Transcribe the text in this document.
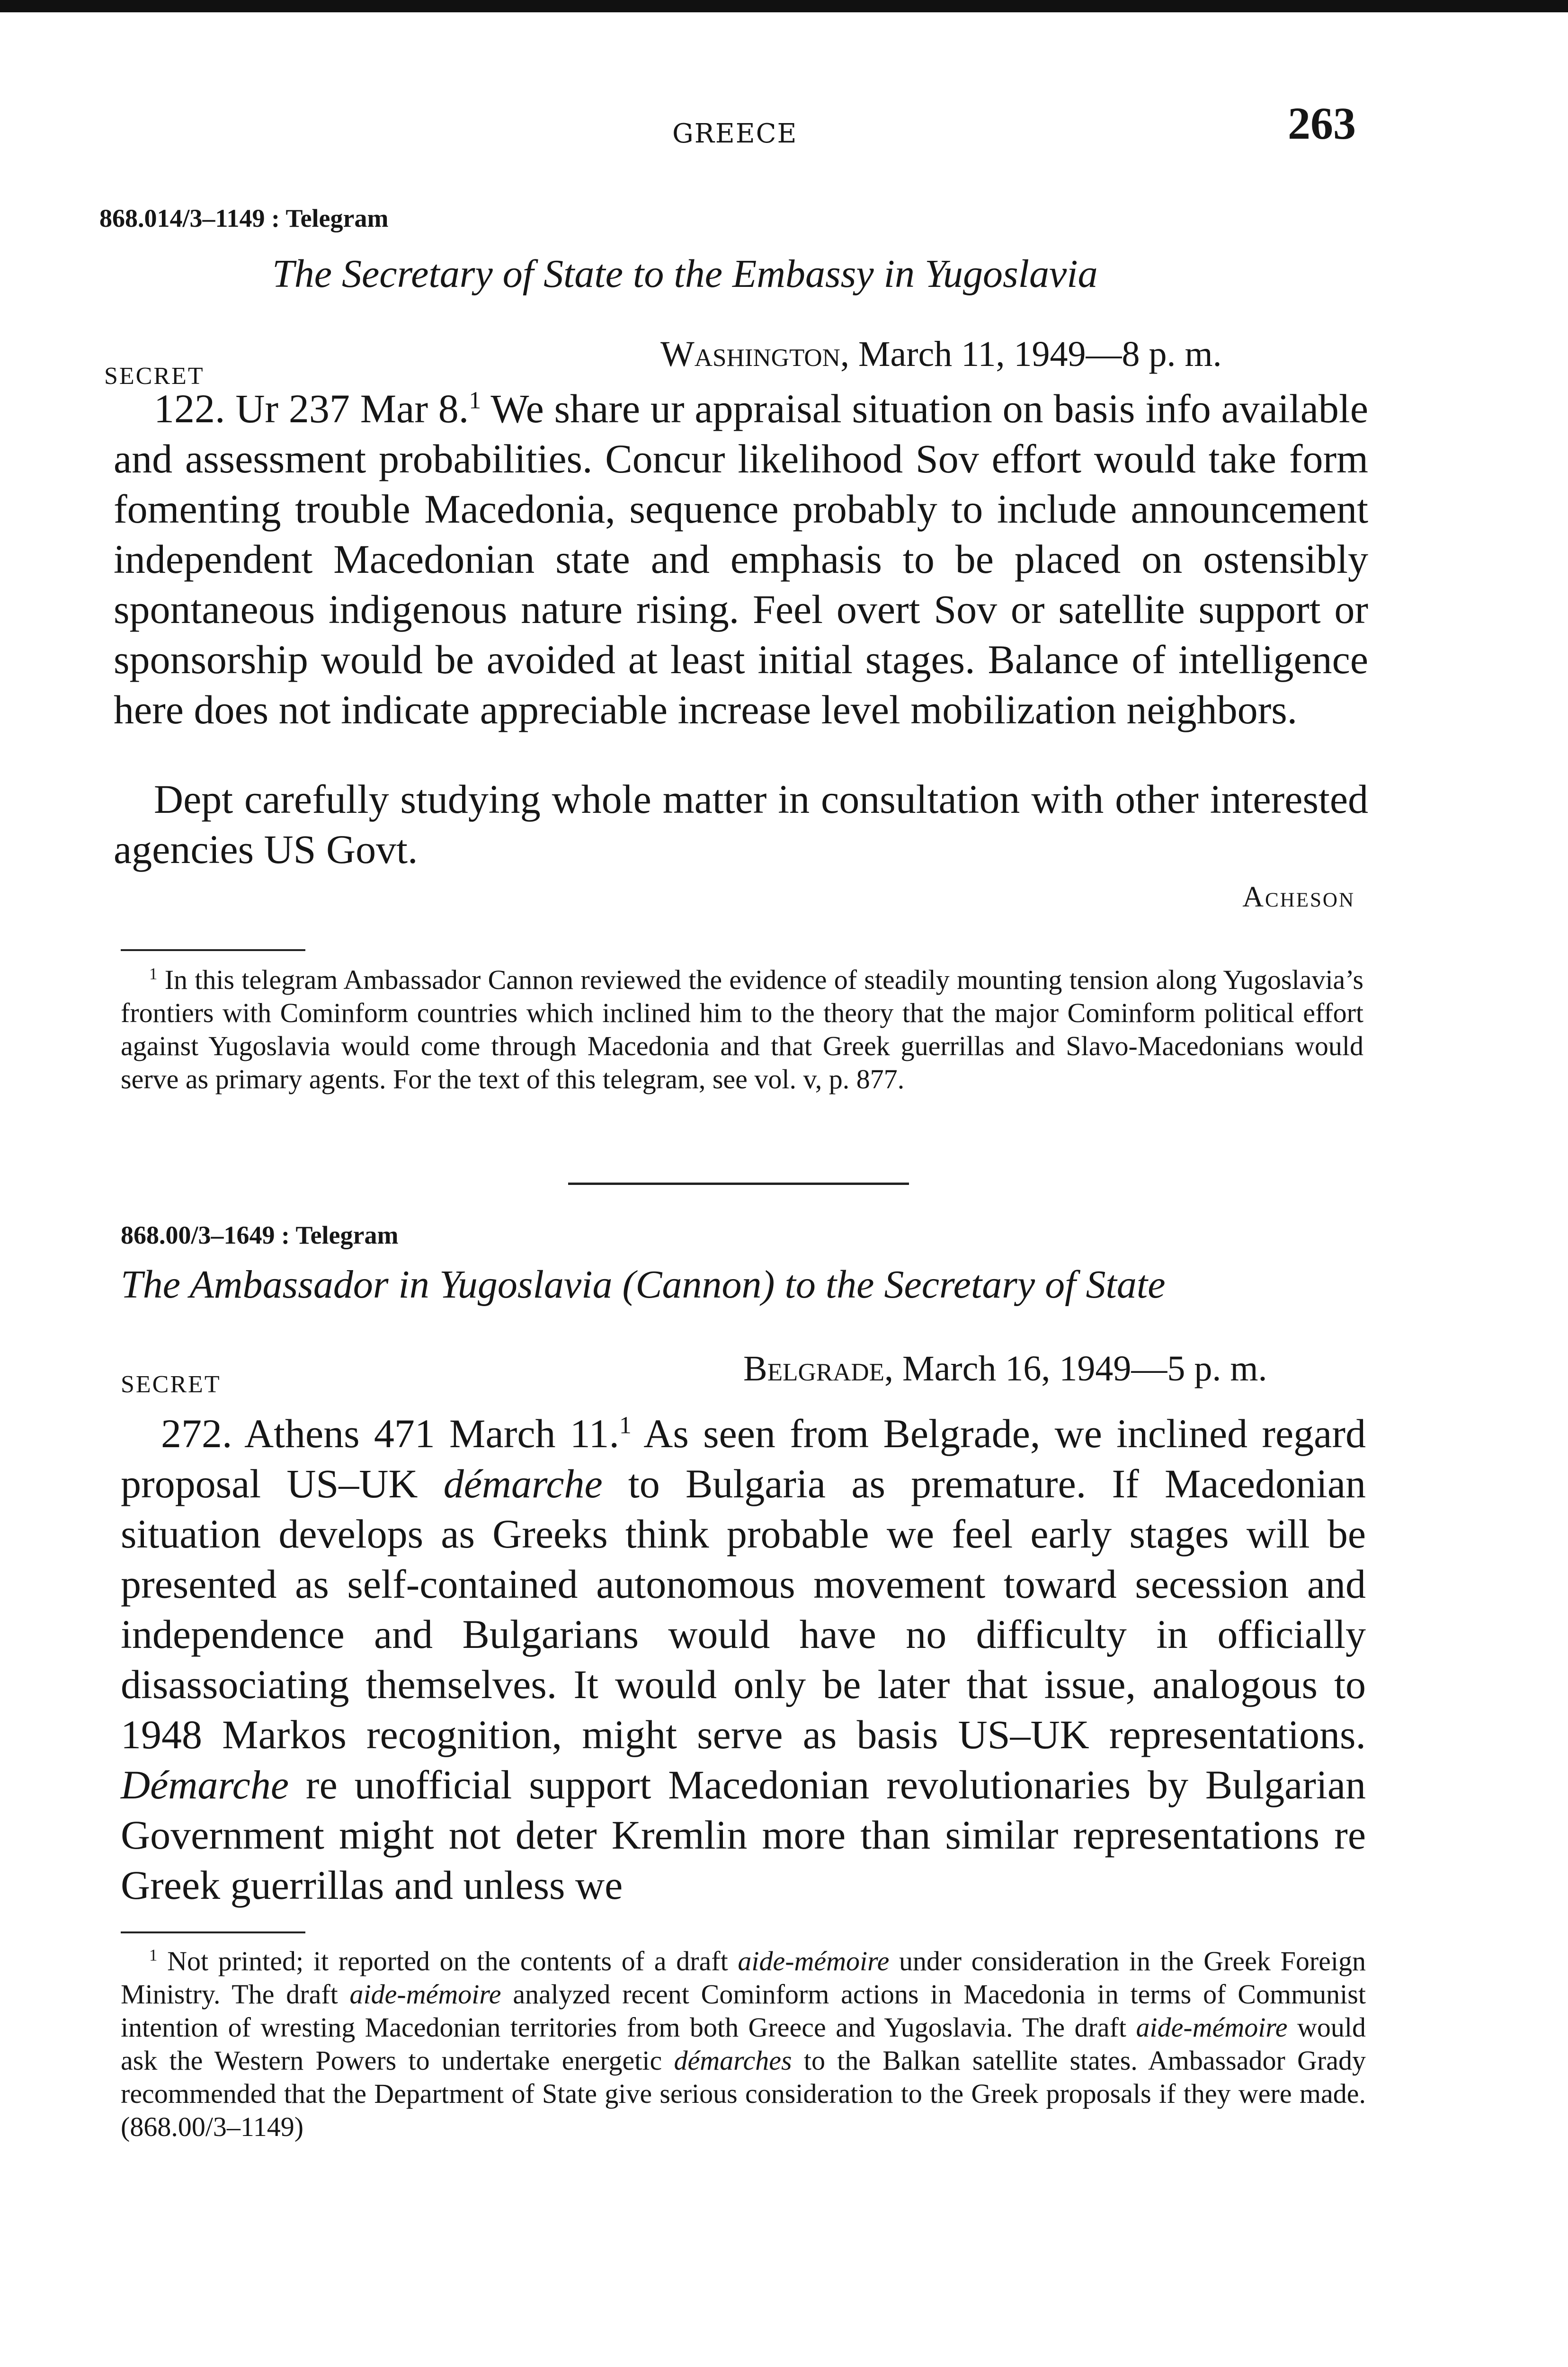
GREECE	263
868.014/3–1149 : Telegram
The Secretary of State to the Embassy in Yugoslavia
SECRET
Washington, March 11, 1949—8 p. m.

122. Ur 237 Mar 8.$^1$ We share ur appraisal situation on basis info available and assessment probabilities. Concur likelihood Sov effort would take form fomenting trouble Macedonia, sequence probably to include announcement independent Macedonian state and emphasis to be placed on ostensibly spontaneous indigenous nature rising. Feel overt Sov or satellite support or sponsorship would be avoided at least initial stages. Balance of intelligence here does not indicate appreciable increase level mobilization neighbors.

Dept carefully studying whole matter in consultation with other interested agencies US Govt.

Acheson

$^1$ In this telegram Ambassador Cannon reviewed the evidence of steadily mounting tension along Yugoslavia’s frontiers with Cominform countries which inclined him to the theory that the major Cominform political effort against Yugoslavia would come through Macedonia and that Greek guerrillas and Slavo-Macedonians would serve as primary agents. For the text of this telegram, see vol. v, p. 877.

868.00/3–1649 : Telegram
The Ambassador in Yugoslavia (Cannon) to the Secretary of State
SECRET	Belgrade, March 16, 1949—5 p. m.

272. Athens 471 March 11.$^1$ As seen from Belgrade, we inclined regard proposal US–UK démarche to Bulgaria as premature. If Macedonian situation develops as Greeks think probable we feel early stages will be presented as self-contained autonomous movement toward secession and independence and Bulgarians would have no difficulty in officially disassociating themselves. It would only be later that issue, analogous to 1948 Markos recognition, might serve as basis US–UK representations. Démarche re unofficial support Macedonian revolutionaries by Bulgarian Government might not deter Kremlin more than similar representations re Greek guerrillas and unless we

$^1$ Not printed; it reported on the contents of a draft aide-mémoire under consideration in the Greek Foreign Ministry. The draft aide-mémoire analyzed recent Cominform actions in Macedonia in terms of Communist intention of wresting Macedonian territories from both Greece and Yugoslavia. The draft aide-mémoire would ask the Western Powers to undertake energetic démarches to the Balkan satellite states. Ambassador Grady recommended that the Department of State give serious consideration to the Greek proposals if they were made. (868.00/3–1149)
